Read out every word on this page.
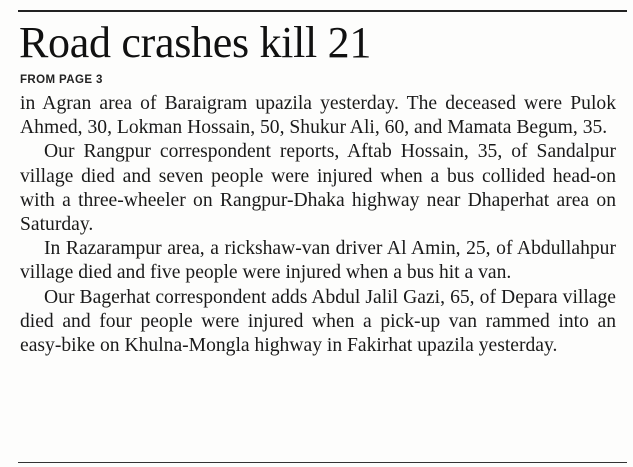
Road crashes kill 21
FROM PAGE 3

in Agran area of Baraigram upazila yesterday. The deceased were Pulok Ahmed, 30, Lokman Hossain, 50, Shukur Ali, 60, and Mamata Begum, 35.

Our Rangpur correspondent reports, Aftab Hossain, 35, of Sandalpur village died and seven people were injured when a bus collided head-on with a three-wheeler on Rangpur-Dhaka highway near Dhaperhat area on Saturday.

In Razarampur area, a rickshaw-van driver Al Amin, 25, of Abdullahpur village died and five people were injured when a bus hit a van.

Our Bagerhat correspondent adds Abdul Jalil Gazi, 65, of Depara village died and four people were injured when a pick-up van rammed into an easy-bike on Khulna-Mongla highway in Fakirhat upazila yesterday.
